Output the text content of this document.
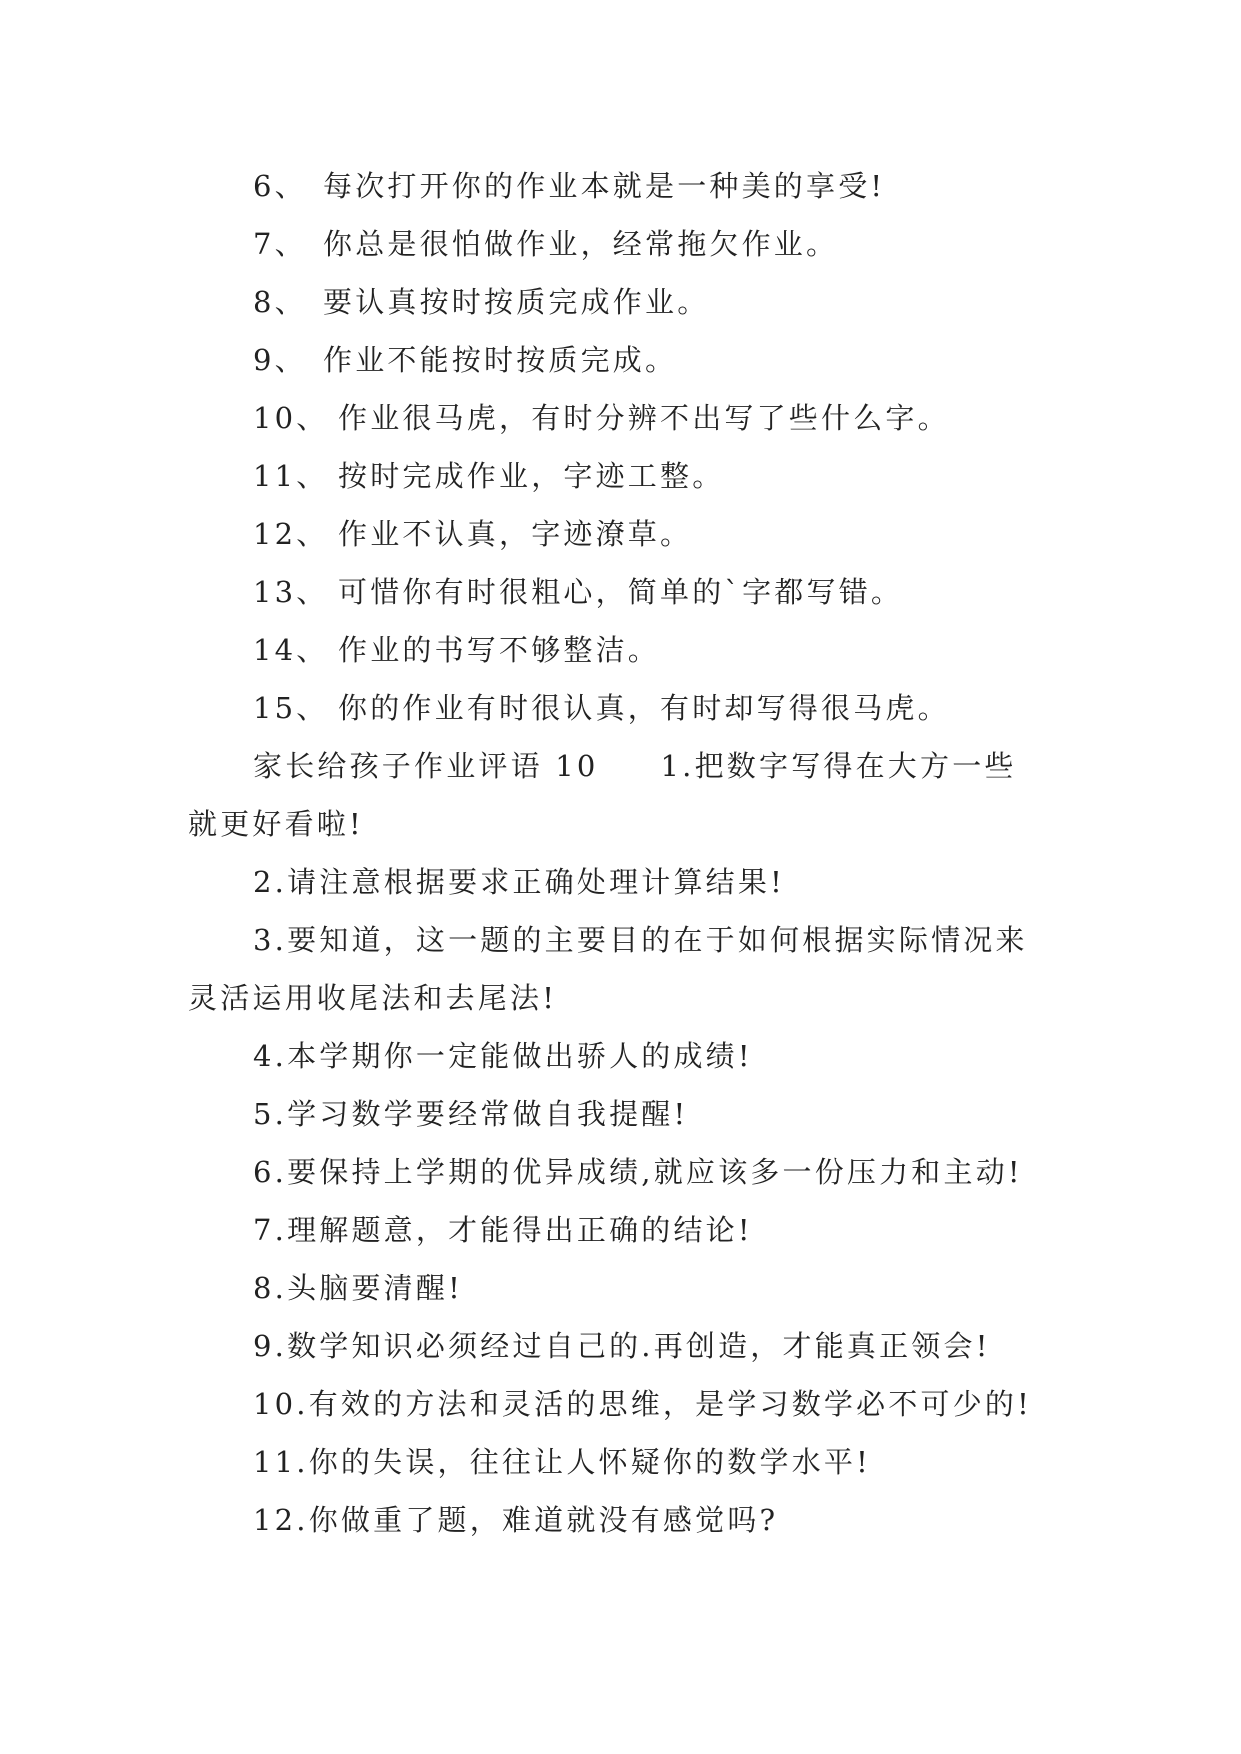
6、 每次打开你的作业本就是一种美的享受!
7、 你总是很怕做作业，经常拖欠作业。
8、 要认真按时按质完成作业。
9、 作业不能按时按质完成。
10、 作业很马虎，有时分辨不出写了些什么字。
11、 按时完成作业，字迹工整。
12、 作业不认真，字迹潦草。
13、 可惜你有时很粗心，简单的`字都写错。
14、 作业的书写不够整洁。
15、 你的作业有时很认真，有时却写得很马虎。
家长给孩子作业评语 10 1.把数字写得在大方一些
就更好看啦!
2.请注意根据要求正确处理计算结果!
3.要知道，这一题的主要目的在于如何根据实际情况来
灵活运用收尾法和去尾法!
4.本学期你一定能做出骄人的成绩!
5.学习数学要经常做自我提醒!
6.要保持上学期的优异成绩,就应该多一份压力和主动!
7.理解题意，才能得出正确的结论!
8.头脑要清醒!
9.数学知识必须经过自己的.再创造，才能真正领会!
10.有效的方法和灵活的思维，是学习数学必不可少的!
11.你的失误，往往让人怀疑你的数学水平!
12.你做重了题，难道就没有感觉吗?
